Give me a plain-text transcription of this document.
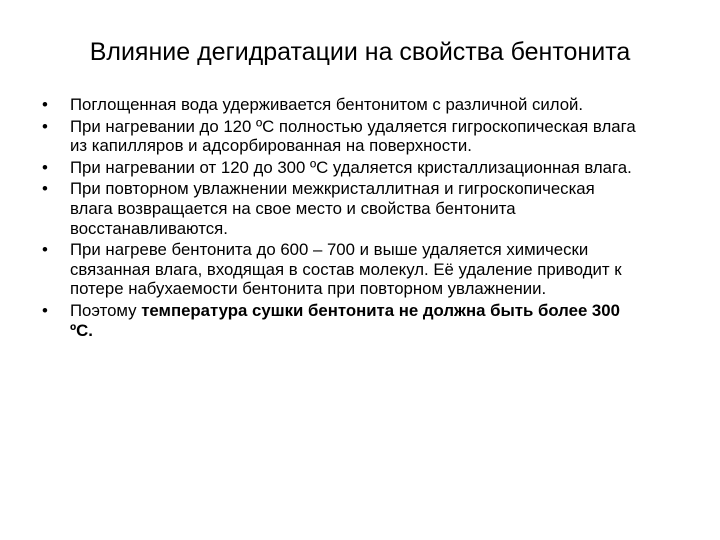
Влияние дегидратации на свойства бентонита
•	Поглощенная вода удерживается бентонитом с различной силой.
•	При нагревании до 120 ºС полностью удаляется гигроскопическая влага из капилляров и адсорбированная на поверхности.
•	При нагревании от 120 до 300 ºС удаляется кристаллизационная влага.
•	При повторном увлажнении межкристаллитная и гигроскопическая влага возвращается на свое место и свойства бентонита восстанавливаются.
•	При нагреве бентонита до 600 – 700 и выше удаляется химически связанная влага, входящая в состав молекул. Её удаление приводит к потере набухаемости бентонита при повторном увлажнении.
•	Поэтому температура сушки бентонита не должна быть более 300 ºС.
